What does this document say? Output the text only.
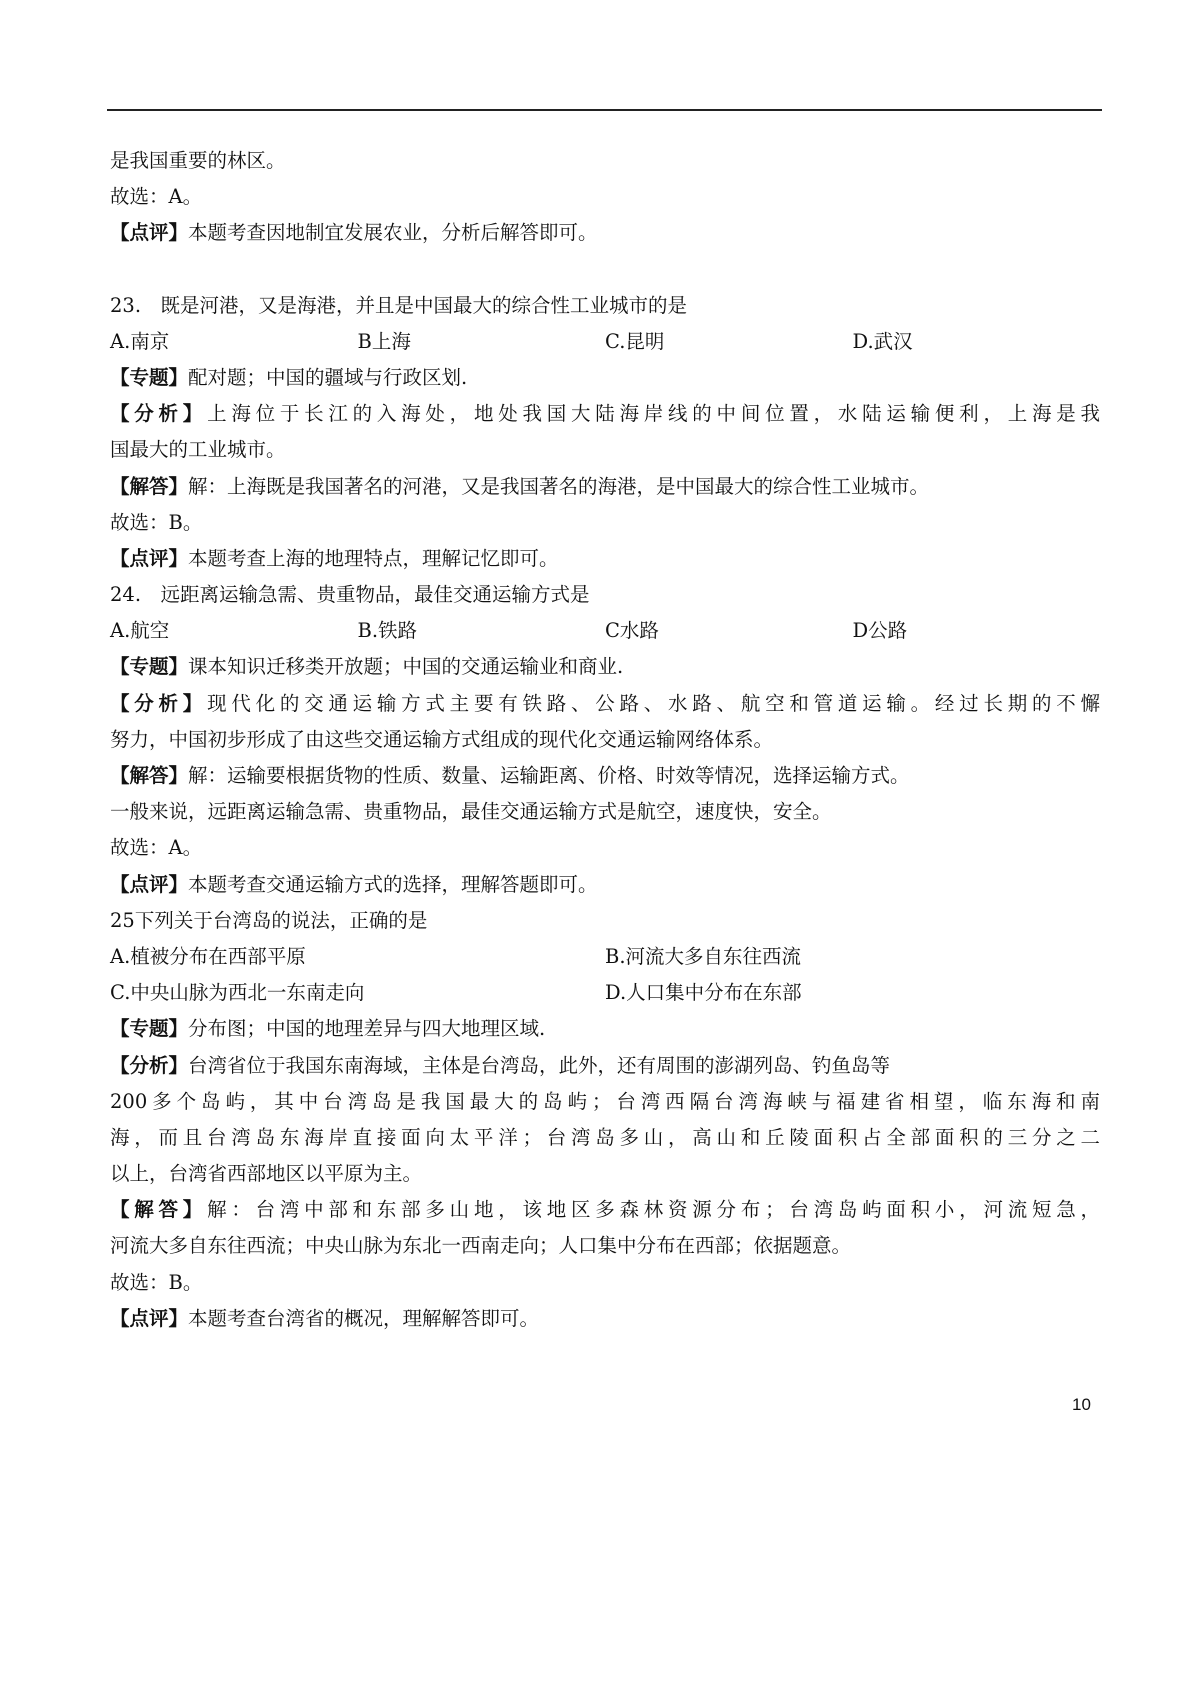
是我国重要的林区。
故选：A。
【点评】本题考查因地制宜发展农业，分析后解答即可。
23.　既是河港，又是海港，并且是中国最大的综合性工业城市的是
A.南京	B上海	C.昆明	D.武汉
【专题】配对题；中国的疆域与行政区划.
【分析】上海位于长江的入海处，地处我国大陆海岸线的中间位置，水陆运输便利，上海是我
国最大的工业城市。
【解答】解：上海既是我国著名的河港，又是我国著名的海港，是中国最大的综合性工业城市。
故选：B。
【点评】本题考查上海的地理特点，理解记忆即可。
24.　远距离运输急需、贵重物品，最佳交通运输方式是
A.航空	B.铁路	C水路	D公路
【专题】课本知识迁移类开放题；中国的交通运输业和商业.
【分析】现代化的交通运输方式主要有铁路、公路、水路、航空和管道运输。经过长期的不懈
努力，中国初步形成了由这些交通运输方式组成的现代化交通运输网络体系。
【解答】解：运输要根据货物的性质、数量、运输距离、价格、时效等情况，选择运输方式。
一般来说，远距离运输急需、贵重物品，最佳交通运输方式是航空，速度快，安全。
故选：A。
【点评】本题考查交通运输方式的选择，理解答题即可。
25下列关于台湾岛的说法，正确的是
A.植被分布在西部平原	B.河流大多自东往西流
C.中央山脉为西北一东南走向	D.人口集中分布在东部
【专题】分布图；中国的地理差异与四大地理区域.
【分析】台湾省位于我国东南海域，主体是台湾岛，此外，还有周围的澎湖列岛、钓鱼岛等
200多个岛屿，其中台湾岛是我国最大的岛屿；台湾西隔台湾海峡与福建省相望，临东海和南
海，而且台湾岛东海岸直接面向太平洋；台湾岛多山，高山和丘陵面积占全部面积的三分之二
以上，台湾省西部地区以平原为主。
【解答】解：台湾中部和东部多山地，该地区多森林资源分布；台湾岛屿面积小，河流短急，
河流大多自东往西流；中央山脉为东北一西南走向；人口集中分布在西部；依据题意。
故选：B。
【点评】本题考查台湾省的概况，理解解答即可。
10
